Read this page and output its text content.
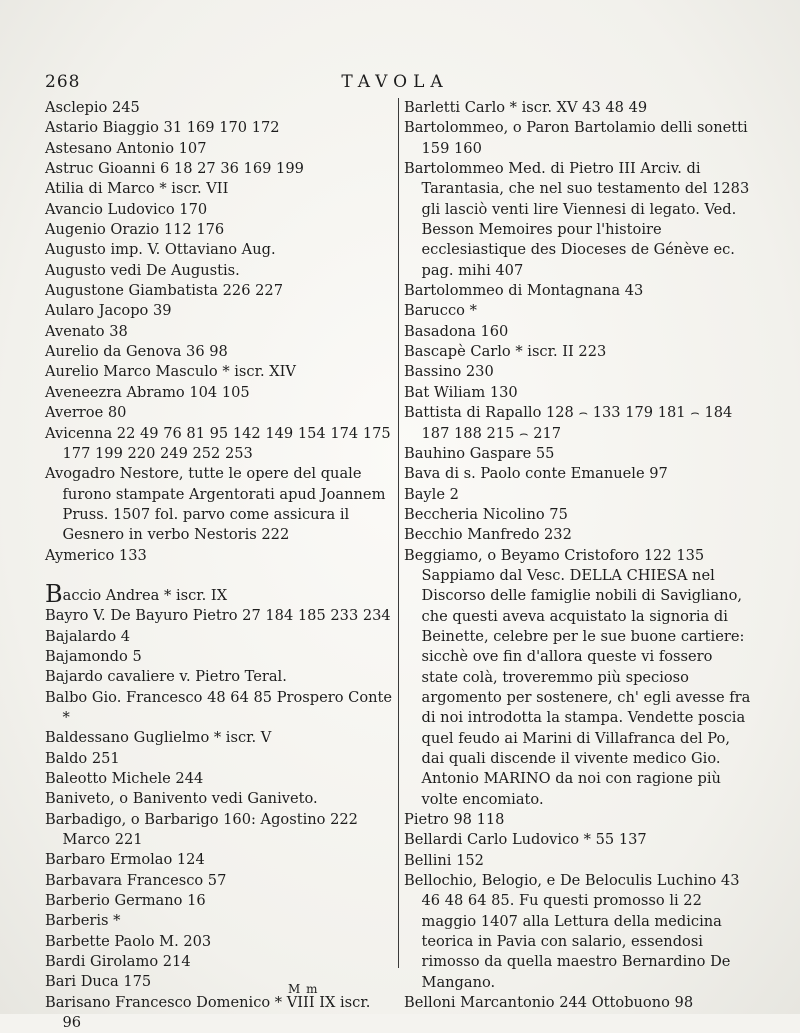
268	TAVOLA
Asclepio 245
Astario Biaggio 31 169 170 172
Astesano Antonio 107
Astruc Gioanni 6 18 27 36 169 199
Atilia di Marco * iscr. VII
Avancio Ludovico 170
Augenio Orazio 112 176
Augusto imp. V. Ottaviano Aug.
Augusto vedi De Augustis.
Augustone Giambatista 226 227
Aularo Jacopo 39
Avenato 38
Aurelio da Genova 36 98
Aurelio Marco Masculo * iscr. XIV
Aveneezra Abramo 104 105
Averroe 80
Avicenna 22 49 76 81 95 142 149 154 174 175 177 199 220 249 252 253
Avogadro Nestore, tutte le opere del quale furono stampate Argentorati apud Joannem Pruss. 1507 fol. parvo come assicura il Gesnero in verbo Nestoris 222
Aymerico 133
Baccio Andrea * iscr. IX
Bayro V. De Bayuro Pietro 27 184 185 233 234
Bajalardo 4
Bajamondo 5
Bajardo cavaliere v. Pietro Teral.
Balbo Gio. Francesco 48 64 85 Prospero Conte *
Baldessano Guglielmo * iscr. V
Baldo 251
Baleotto Michele 244
Baniveto, o Banivento vedi Ganiveto.
Barbadigo, o Barbarigo 160: Agostino 222 Marco 221
Barbaro Ermolao 124
Barbavara Francesco 57
Barberio Germano 16
Barberis *
Barbette Paolo M. 203
Bardi Girolamo 214
Bari Duca 175
Barisano Francesco Domenico * VIII IX iscr. 96
Barletti Carlo * iscr. XV 43 48 49
Bartolommeo, o Paron Bartolamio delli sonetti 159 160
Bartolommeo Med. di Pietro III Arciv. di Tarantasia, che nel suo testamento del 1283 gli lasciò venti lire Viennesi di legato. Ved. Besson Memoires pour l'histoire ecclesiastique des Dioceses de Génève ec. pag. mihi 407
Bartolommeo di Montagnana 43
Barucco *
Basadona 160
Bascapè Carlo * iscr. II 223
Bassino 230
Bat Wiliam 130
Battista di Rapallo 128 ⌢ 133 179 181 ⌢ 184 187 188 215 ⌢ 217
Bauhino Gaspare 55
Bava di s. Paolo conte Emanuele 97
Bayle 2
Beccheria Nicolino 75
Becchio Manfredo 232
Beggiamo, o Beyamo Cristoforo 122 135 Sappiamo dal Vesc. DELLA CHIESA nel Discorso delle famiglie nobili di Savigliano, che questi aveva acquistato la signoria di Beinette, celebre per le sue buone cartiere: sicchè ove fin d'allora queste vi fossero state colà, troveremmo più specioso argomento per sostenere, ch' egli avesse fra di noi introdotta la stampa. Vendette poscia quel feudo ai Marini di Villafranca del Po, dai quali discende il vivente medico Gio. Antonio MARINO da noi con ragione più volte encomiato.
Pietro 98 118
Bellardi Carlo Ludovico * 55 137
Bellini 152
Bellochio, Belogio, e De Beloculis Luchino 43 46 48 64 85. Fu questi promosso li 22 maggio 1407 alla Lettura della medicina teorica in Pavia con salario, essendosi rimosso da quella maestro Bernardino De Mangano.
Belloni Marcantonio 244 Ottobuono 98
M m
